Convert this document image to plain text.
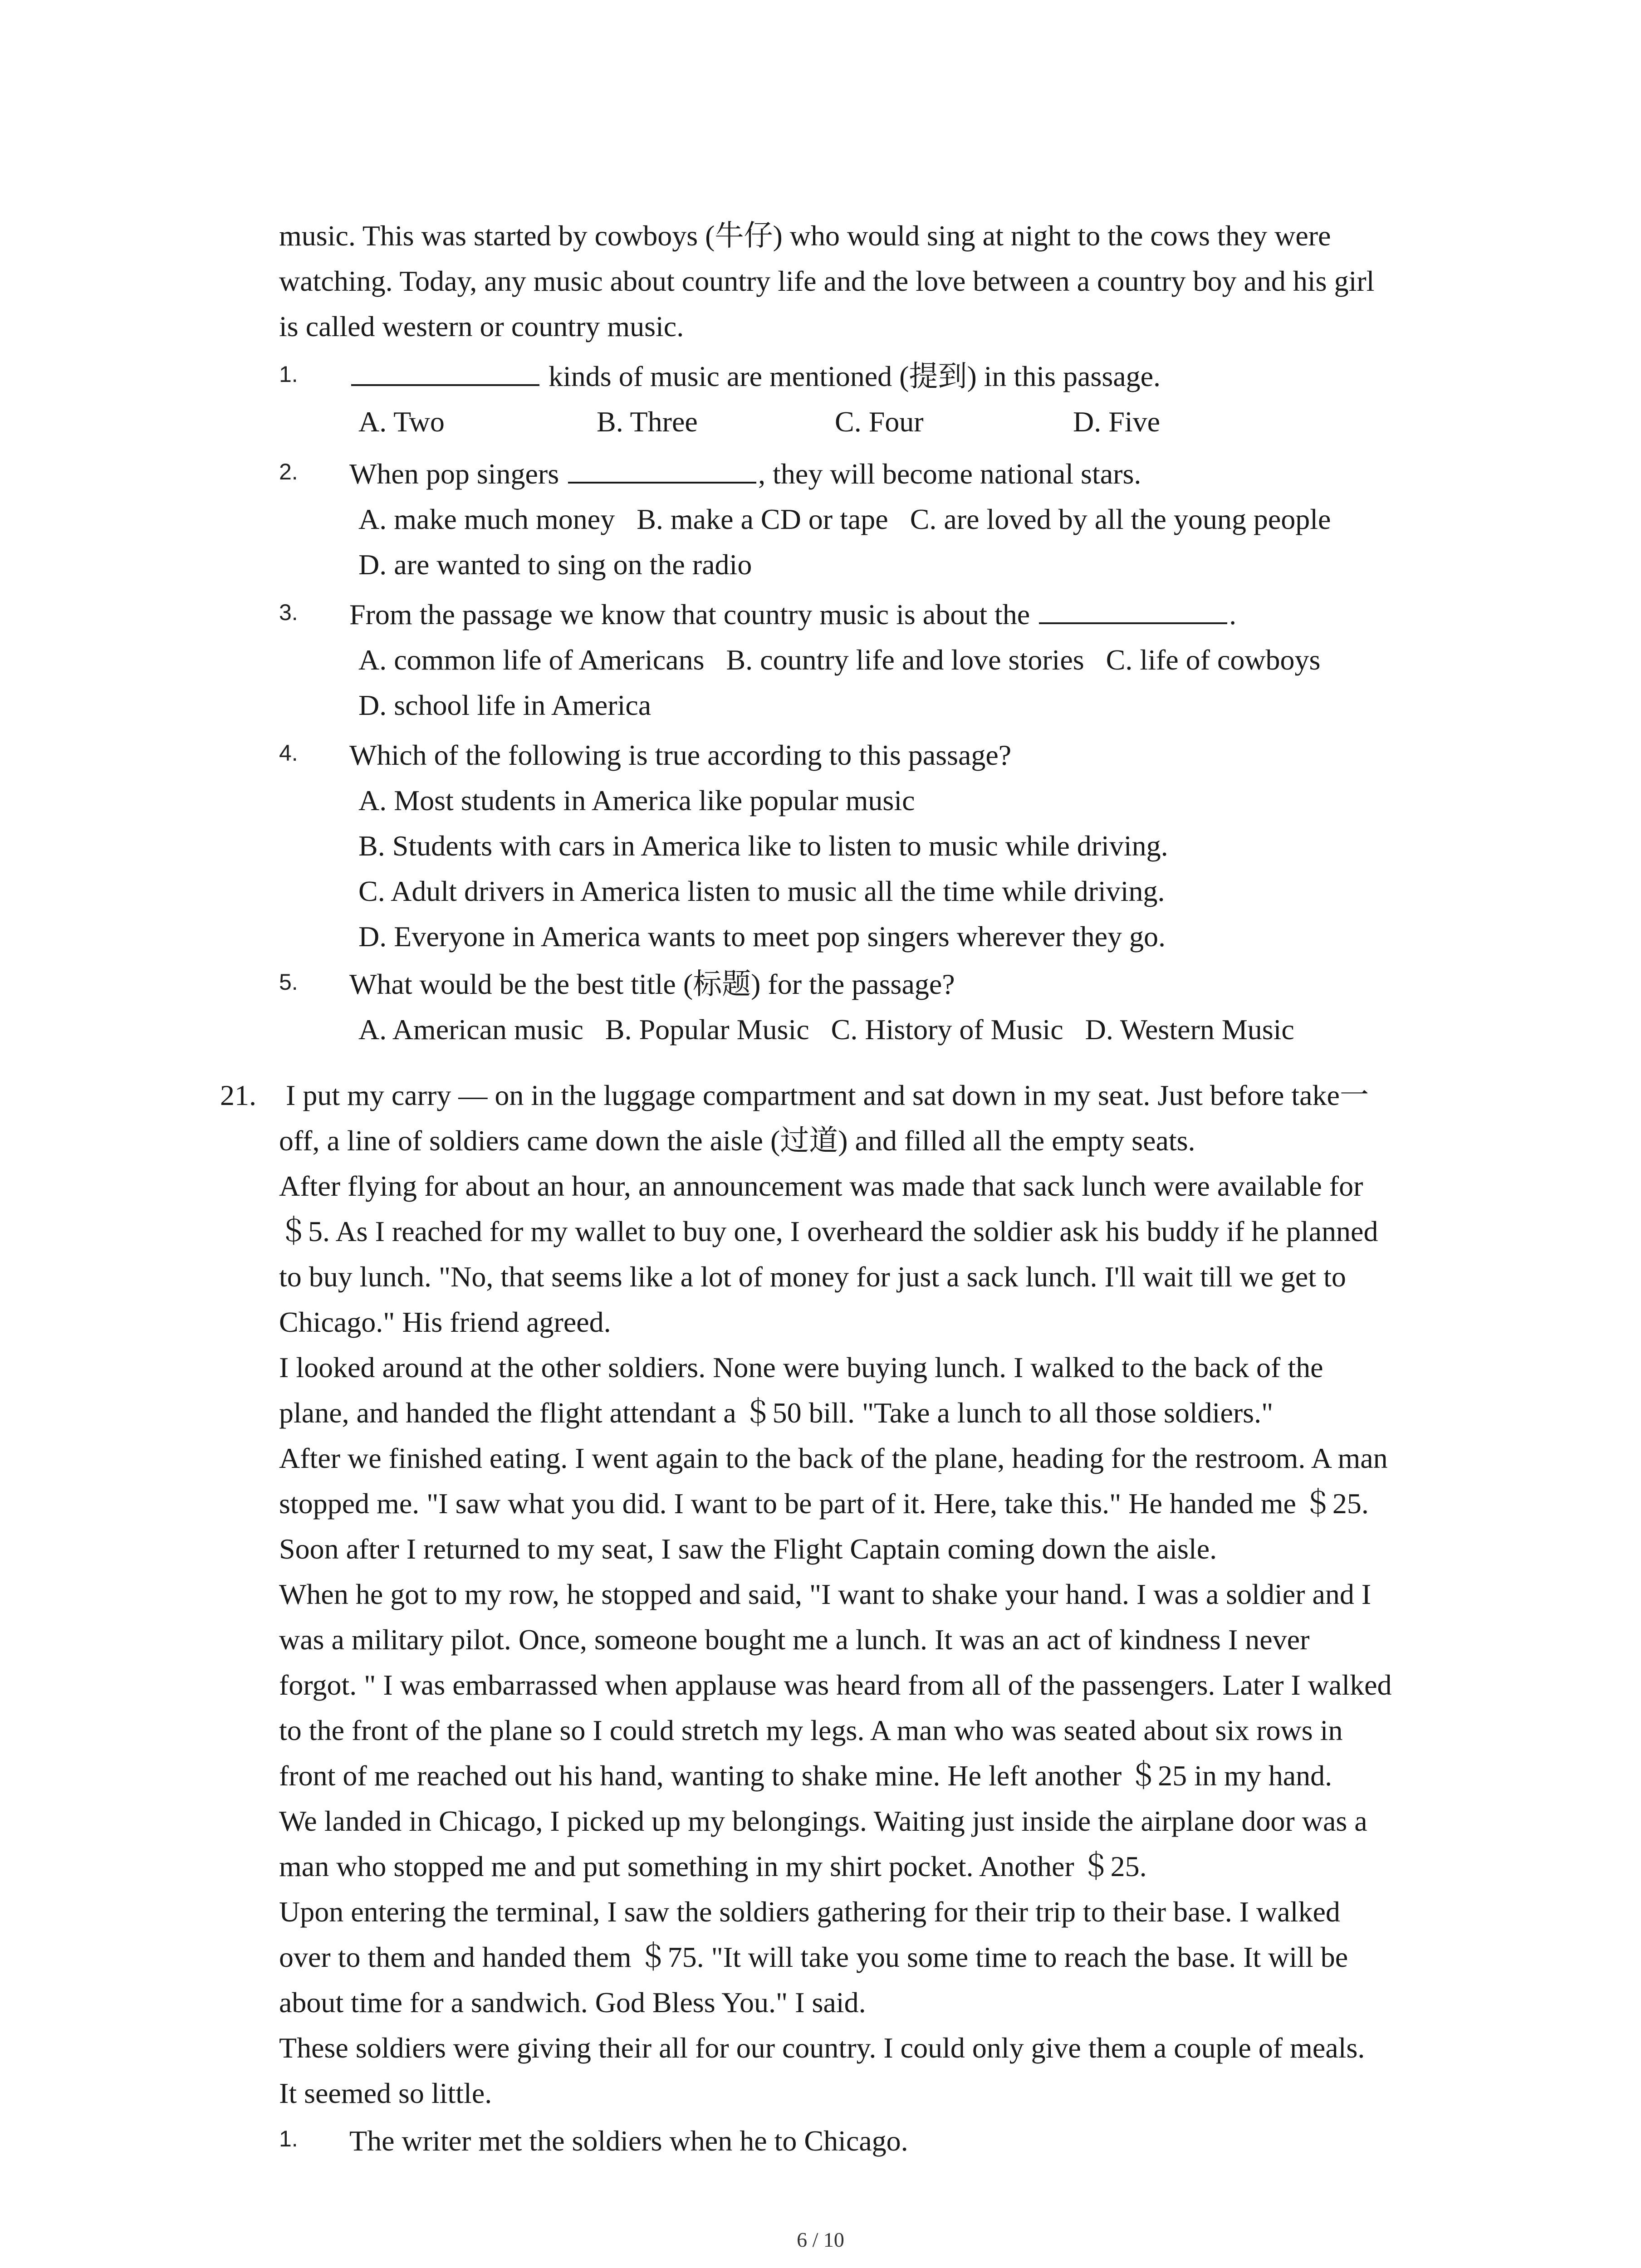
music. This was started by cowboys (牛仔) who would sing at night to the cows they were
watching. Today, any music about country life and the love between a country boy and his girl
is called western or country music.
1.	kinds of music are mentioned (提到) in this passage.
A. Two	B. Three	C. Four	D. Five
2. When pop singers	, they will become national stars.
A. make much money   B. make a CD or tape   C. are loved by all the young people
D. are wanted to sing on the radio
3. From the passage we know that country music is about the	.
A. common life of Americans   B. country life and love stories   C. life of cowboys
D. school life in America
4. Which of the following is true according to this passage?
A. Most students in America like popular music
B. Students with cars in America like to listen to music while driving.
C. Adult drivers in America listen to music all the time while driving.
D. Everyone in America wants to meet pop singers wherever they go.
5. What would be the best title (标题) for the passage?
A. American music   B. Popular Music   C. History of Music   D. Western Music
21. I put my carry — on in the luggage compartment and sat down in my seat. Just before take一
off, a line of soldiers came down the aisle (过道) and filled all the empty seats.
After flying for about an hour, an announcement was made that sack lunch were available for
＄5. As I reached for my wallet to buy one, I overheard the soldier ask his buddy if he planned
to buy lunch. "No, that seems like a lot of money for just a sack lunch. I'll wait till we get to
Chicago." His friend agreed.
I looked around at the other soldiers. None were buying lunch. I walked to the back of the
plane, and handed the flight attendant a ＄50 bill. "Take a lunch to all those soldiers."
After we finished eating. I went again to the back of the plane, heading for the restroom. A man
stopped me. "I saw what you did. I want to be part of it. Here, take this." He handed me ＄25.
Soon after I returned to my seat, I saw the Flight Captain coming down the aisle.
When he got to my row, he stopped and said, "I want to shake your hand. I was a soldier and I
was a military pilot. Once, someone bought me a lunch. It was an act of kindness I never
forgot. " I was embarrassed when applause was heard from all of the passengers. Later I walked
to the front of the plane so I could stretch my legs. A man who was seated about six rows in
front of me reached out his hand, wanting to shake mine. He left another ＄25 in my hand.
We landed in Chicago, I picked up my belongings. Waiting just inside the airplane door was a
man who stopped me and put something in my shirt pocket. Another ＄25.
Upon entering the terminal, I saw the soldiers gathering for their trip to their base. I walked
over to them and handed them ＄75. "It will take you some time to reach the base. It will be
about time for a sandwich. God Bless You." I said.
These soldiers were giving their all for our country. I could only give them a couple of meals.
It seemed so little.
1. The writer met the soldiers when he to Chicago.
6 / 10
